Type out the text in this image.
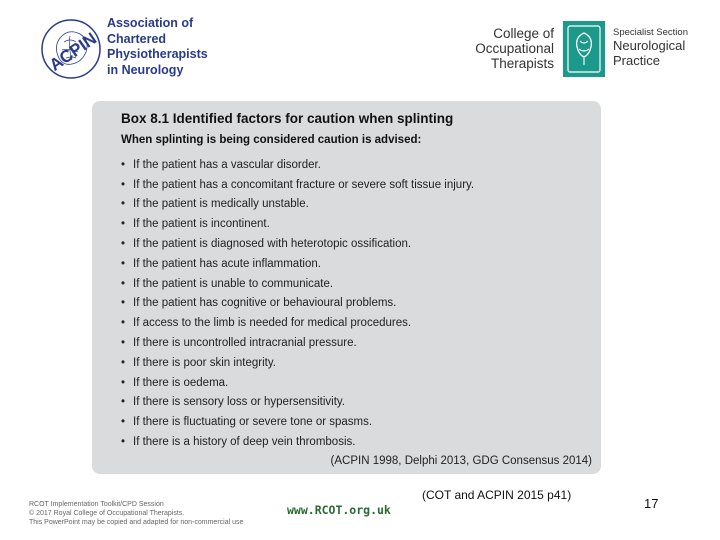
ACPIN
Association of
Chartered
Physiotherapists
in Neurology
College of
Occupational
Therapists
Specialist Section
Neurological
Practice
Box 8.1 Identified factors for caution when splinting
When splinting is being considered caution is advised:
• If the patient has a vascular disorder.
• If the patient has a concomitant fracture or severe soft tissue injury.
• If the patient is medically unstable.
• If the patient is incontinent.
• If the patient is diagnosed with heterotopic ossification.
• If the patient has acute inflammation.
• If the patient is unable to communicate.
• If the patient has cognitive or behavioural problems.
• If access to the limb is needed for medical procedures.
• If there is uncontrolled intracranial pressure.
• If there is poor skin integrity.
• If there is oedema.
• If there is sensory loss or hypersensitivity.
• If there is fluctuating or severe tone or spasms.
• If there is a history of deep vein thrombosis.
(ACPIN 1998, Delphi 2013, GDG Consensus 2014)
RCOT Implementation Toolkit/CPD Session
© 2017 Royal College of Occupational Therapists.
This PowerPoint may be copied and adapted for non-commercial use
www.RCOT.org.uk
(COT and ACPIN 2015 p41)
17
